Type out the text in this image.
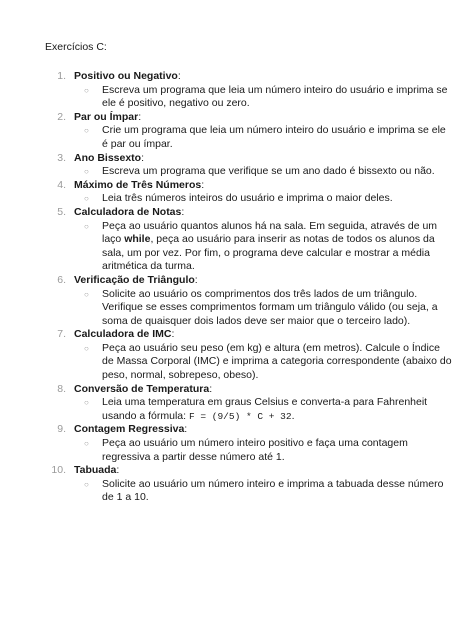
Exercícios C:
1. Positivo ou Negativo:
○ Escreva um programa que leia um número inteiro do usuário e imprima se ele é positivo, negativo ou zero.
2. Par ou Ímpar:
○ Crie um programa que leia um número inteiro do usuário e imprima se ele é par ou ímpar.
3. Ano Bissexto:
○ Escreva um programa que verifique se um ano dado é bissexto ou não.
4. Máximo de Três Números:
○ Leia três números inteiros do usuário e imprima o maior deles.
5. Calculadora de Notas:
○ Peça ao usuário quantos alunos há na sala. Em seguida, através de um laço while, peça ao usuário para inserir as notas de todos os alunos da sala, um por vez. Por fim, o programa deve calcular e mostrar a média aritmética da turma.
6. Verificação de Triângulo:
○ Solicite ao usuário os comprimentos dos três lados de um triângulo. Verifique se esses comprimentos formam um triângulo válido (ou seja, a soma de quaisquer dois lados deve ser maior que o terceiro lado).
7. Calculadora de IMC:
○ Peça ao usuário seu peso (em kg) e altura (em metros). Calcule o Índice de Massa Corporal (IMC) e imprima a categoria correspondente (abaixo do peso, normal, sobrepeso, obeso).
8. Conversão de Temperatura:
○ Leia uma temperatura em graus Celsius e converta-a para Fahrenheit usando a fórmula: F = (9/5) * C + 32.
9. Contagem Regressiva:
○ Peça ao usuário um número inteiro positivo e faça uma contagem regressiva a partir desse número até 1.
10. Tabuada:
○ Solicite ao usuário um número inteiro e imprima a tabuada desse número de 1 a 10.
